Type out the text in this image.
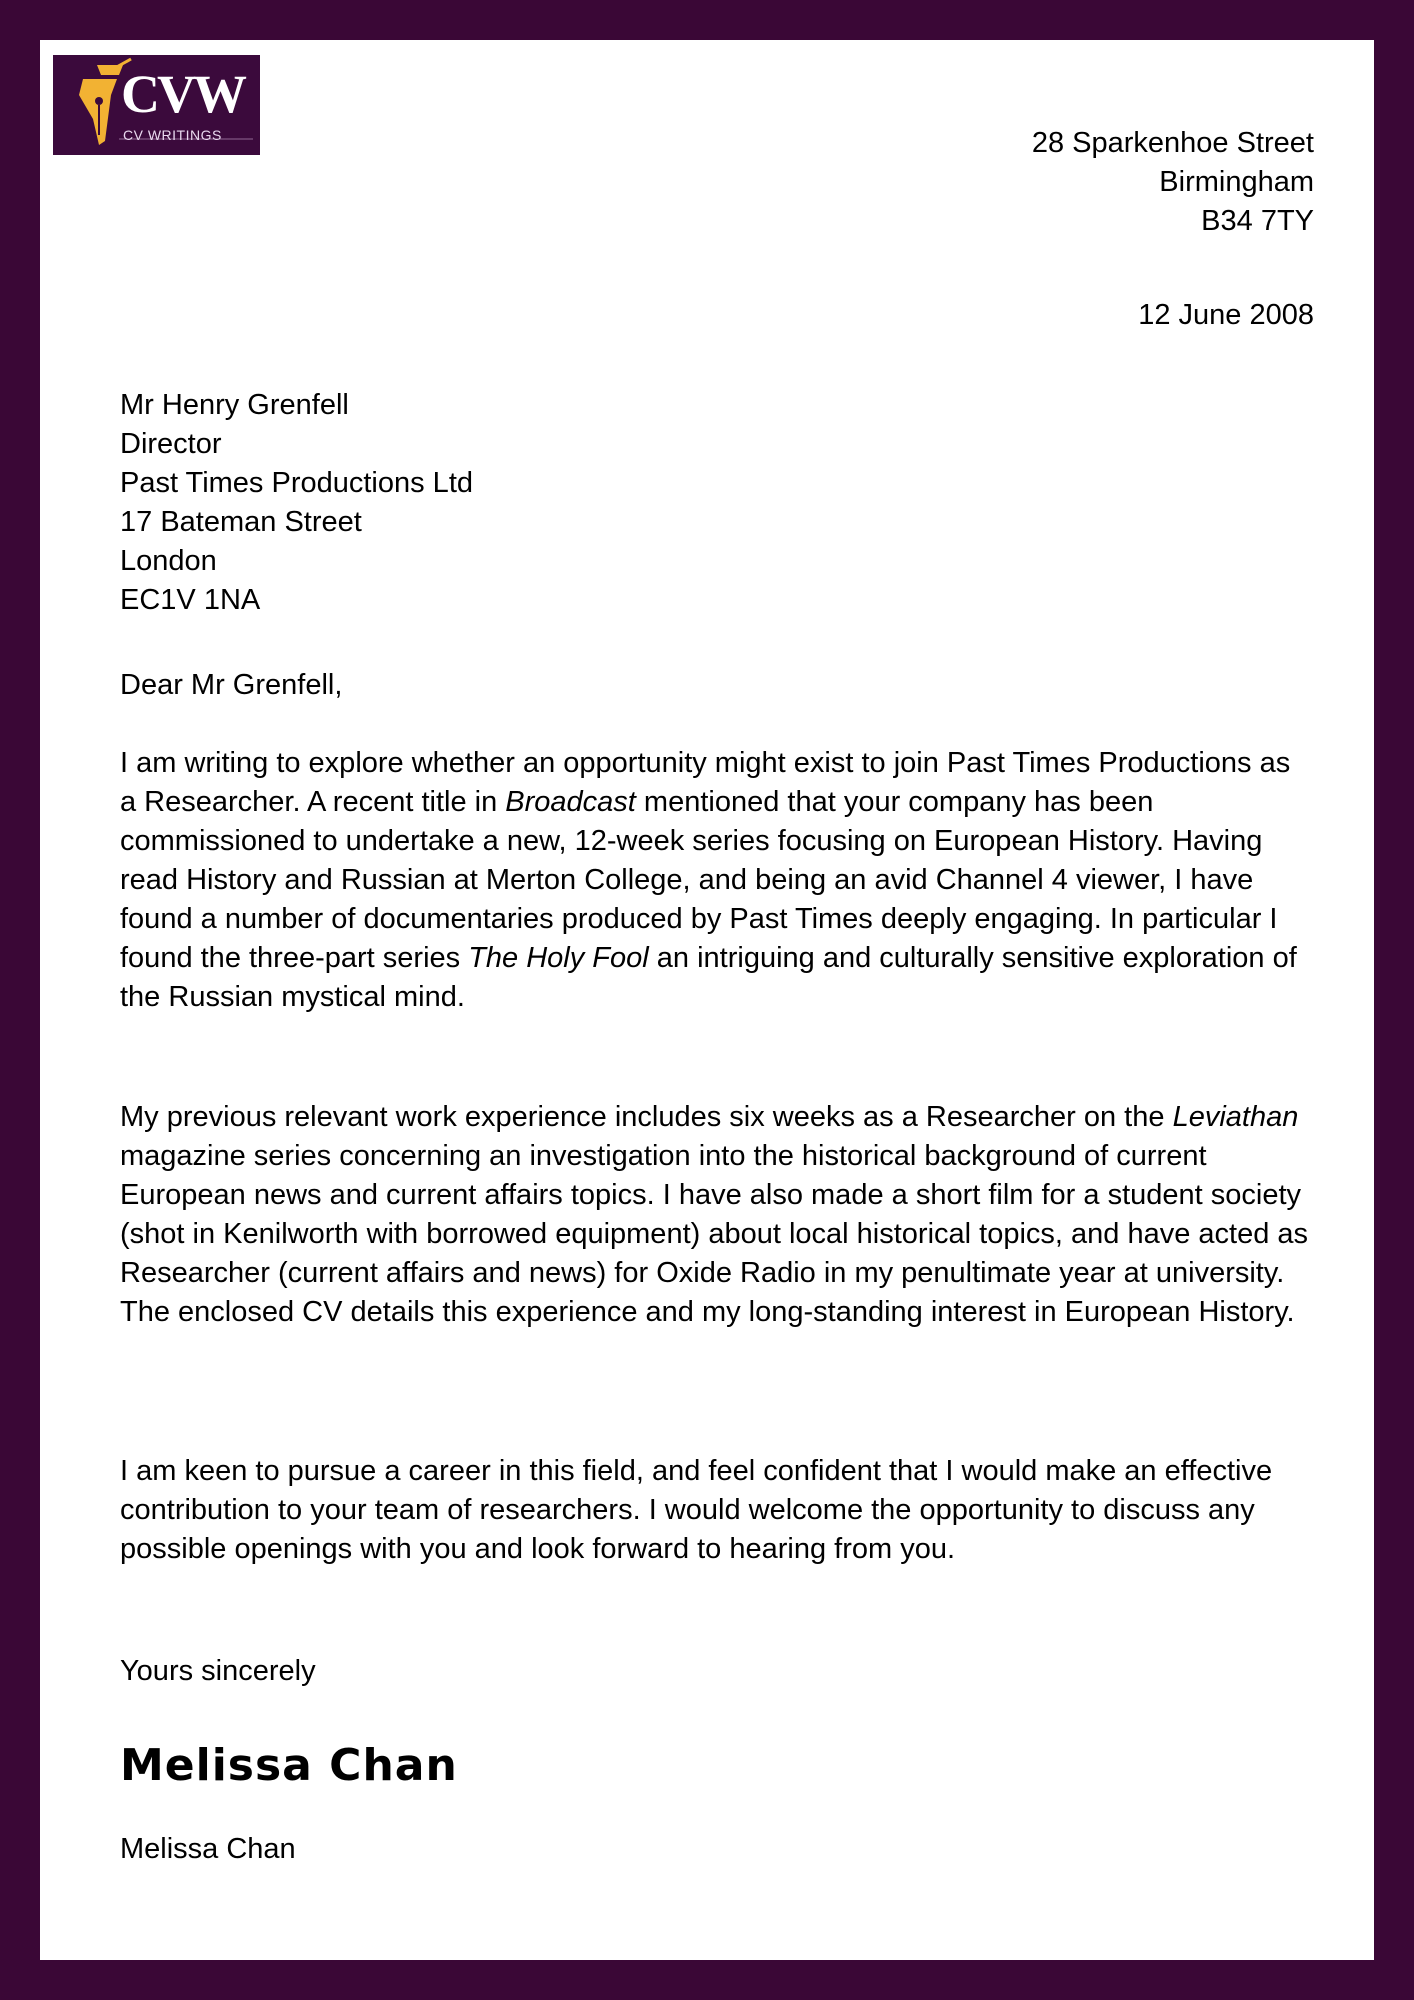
CVW
CV WRITINGS	28 Sparkenhoe Street
Birmingham
B34 7TY
12 June 2008
Mr Henry Grenfell
Director
Past Times Productions Ltd
17 Bateman Street
London
EC1V 1NA
Dear Mr Grenfell,

I am writing to explore whether an opportunity might exist to join Past Times Productions as a Researcher. A recent title in Broadcast mentioned that your company has been commissioned to undertake a new, 12-week series focusing on European History. Having read History and Russian at Merton College, and being an avid Channel 4 viewer, I have found a number of documentaries produced by Past Times deeply engaging. In particular I found the three-part series The Holy Fool an intriguing and culturally sensitive exploration of the Russian mystical mind.

My previous relevant work experience includes six weeks as a Researcher on the Leviathan magazine series concerning an investigation into the historical background of current European news and current affairs topics. I have also made a short film for a student society (shot in Kenilworth with borrowed equipment) about local historical topics, and have acted as Researcher (current affairs and news) for Oxide Radio in my penultimate year at university. The enclosed CV details this experience and my long-standing interest in European History.

I am keen to pursue a career in this field, and feel confident that I would make an effective contribution to your team of researchers. I would welcome the opportunity to discuss any possible openings with you and look forward to hearing from you.

Yours sincerely
Melissa Chan
Melissa Chan
